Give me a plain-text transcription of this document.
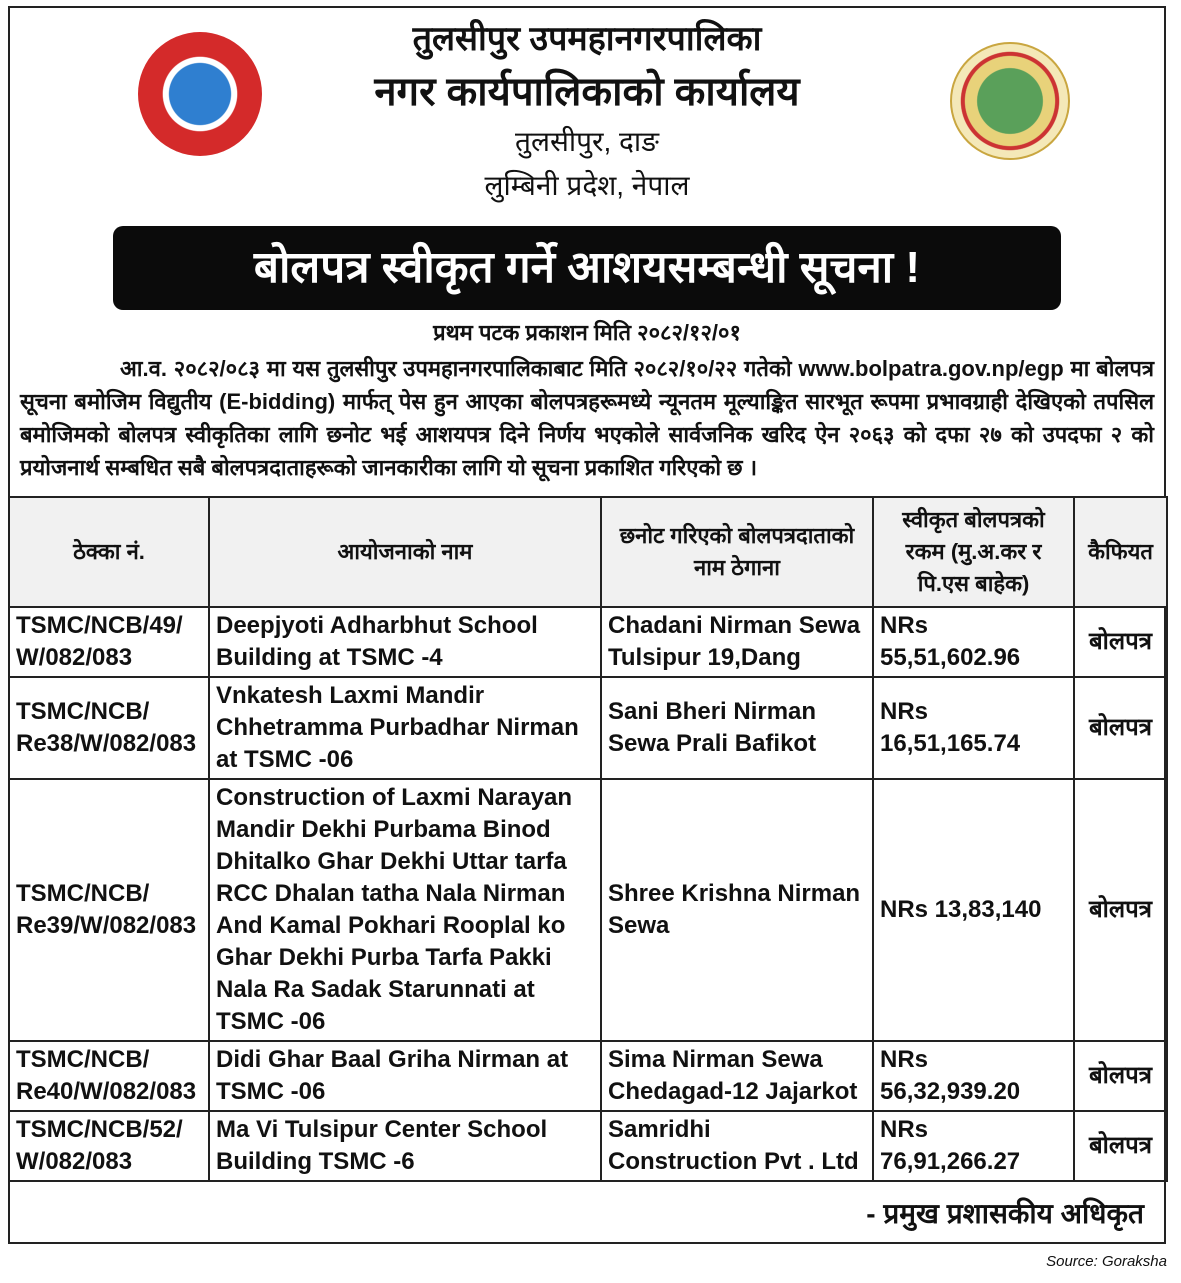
तुलसीपुर उपमहानगरपालिका
नगर कार्यपालिकाको कार्यालय
तुलसीपुर, दाङ
लुम्बिनी प्रदेश, नेपाल
बोलपत्र स्वीकृत गर्ने आशयसम्बन्धी सूचना !
प्रथम पटक प्रकाशन मिति २०८२/१२/०१
आ.व. २०८२/०८३ मा यस तुलसीपुर उपमहानगरपालिकाबाट मिति २०८२/१०/२२ गतेको www.bolpatra.gov.np/egp मा बोलपत्र सूचना बमोजिम विद्युतीय (E-bidding) मार्फत् पेस हुन आएका बोलपत्रहरूमध्ये न्यूनतम मूल्याङ्कित सारभूत रूपमा प्रभावग्राही देखिएको तपसिल बमोजिमको बोलपत्र स्वीकृतिका लागि छनोट भई आशयपत्र दिने निर्णय भएकोले सार्वजनिक खरिद ऐन २०६३ को दफा २७ को उपदफा २ को प्रयोजनार्थ सम्बधित सबै बोलपत्रदाताहरूको जानकारीका लागि यो सूचना प्रकाशित गरिएको छ ।
ठेक्का नं.	आयोजनाको नाम	छनोट गरिएको बोलपत्रदाताको नाम ठेगाना	स्वीकृत बोलपत्रको रकम (मु.अ.कर र पि.एस बाहेक)	कैफियत
TSMC/NCB/49/ W/082/083	Deepjyoti Adharbhut School Building at TSMC -4	Chadani Nirman Sewa Tulsipur 19,Dang	NRs 55,51,602.96	बोलपत्र
TSMC/NCB/ Re38/W/082/083	Vnkatesh Laxmi Mandir Chhetramma Purbadhar Nirman at TSMC -06	Sani Bheri Nirman Sewa Prali Bafikot	NRs 16,51,165.74	बोलपत्र
TSMC/NCB/ Re39/W/082/083	Construction of Laxmi Narayan Mandir Dekhi Purbama Binod Dhitalko Ghar Dekhi Uttar tarfa RCC Dhalan tatha Nala Nirman And Kamal Pokhari Rooplal ko Ghar Dekhi Purba Tarfa Pakki Nala Ra Sadak Starunnati at TSMC -06	Shree Krishna Nirman Sewa	NRs 13,83,140	बोलपत्र
TSMC/NCB/ Re40/W/082/083	Didi Ghar Baal Griha Nirman at TSMC -06	Sima Nirman Sewa Chedagad-12 Jajarkot	NRs 56,32,939.20	बोलपत्र
TSMC/NCB/52/ W/082/083	Ma Vi Tulsipur Center School Building TSMC -6	Samridhi Construction Pvt . Ltd	NRs 76,91,266.27	बोलपत्र
- प्रमुख प्रशासकीय अधिकृत
Source: Goraksha
